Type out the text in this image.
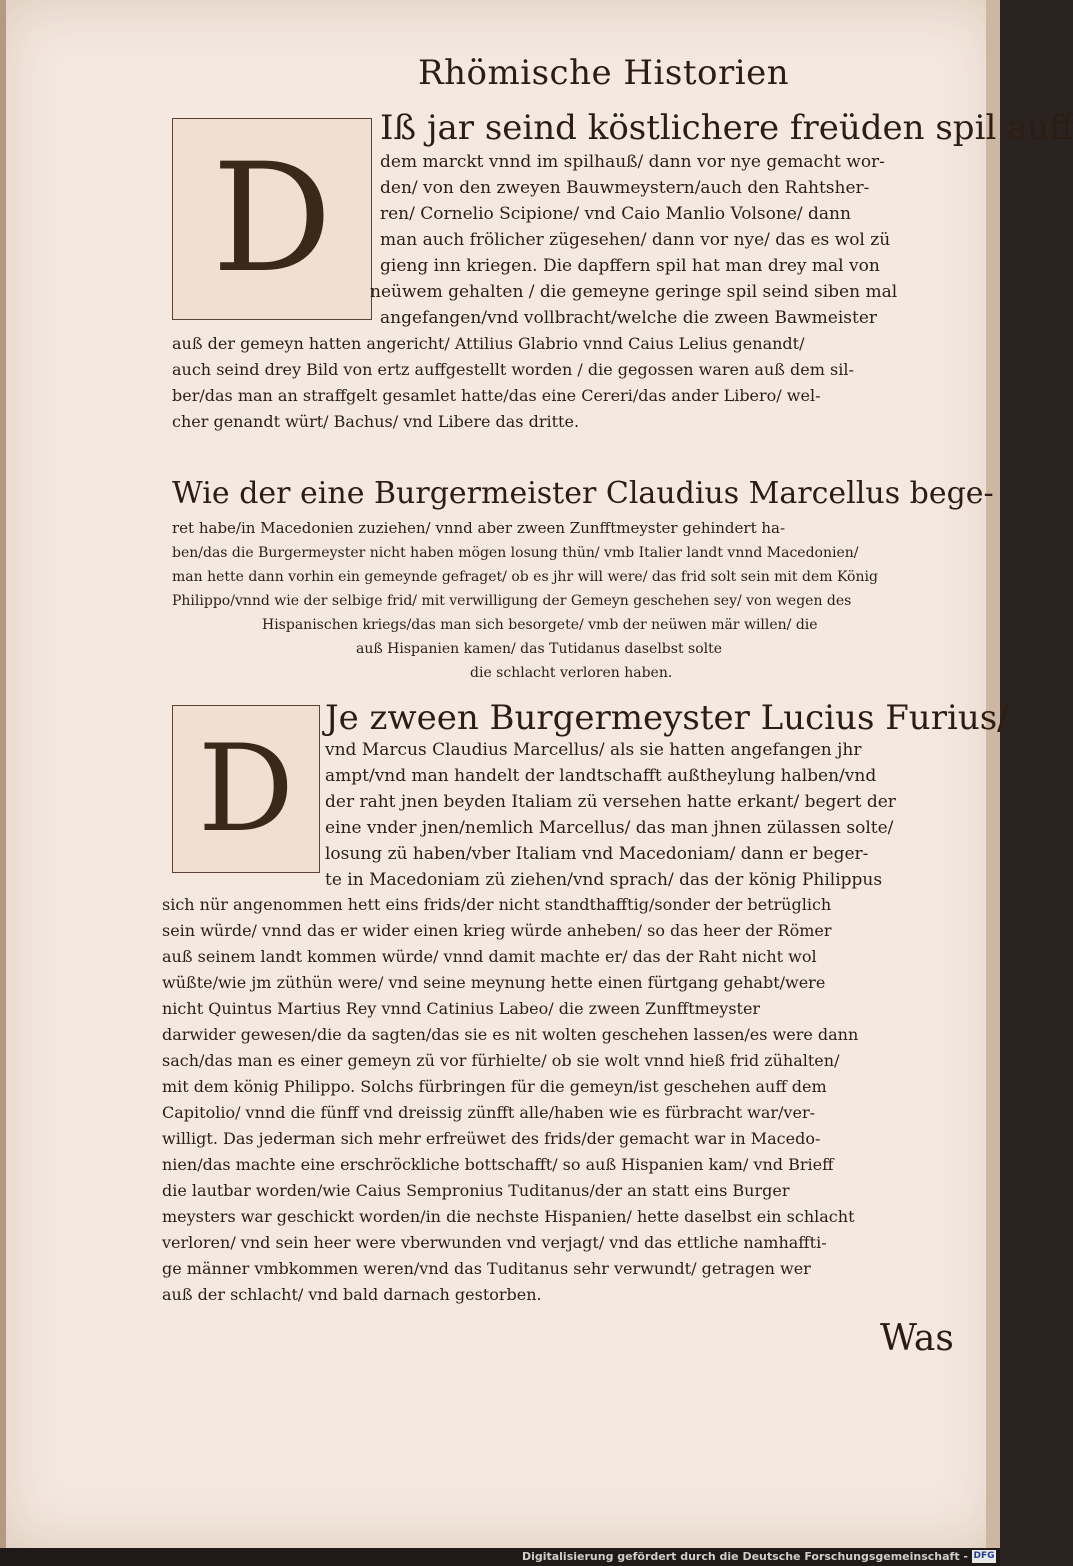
Rhömische Historien
D
Iß jar seind köstlichere freüden spil auff
dem marckt vnnd im spilhauß/ dann vor nye gemacht wor-
den/ von den zweyen Bauwmeystern/auch den Rahtsher-
ren/ Cornelio Scipione/ vnd Caio Manlio Volsone/ dann
man auch frölicher zügesehen/ dann vor nye/ das es wol zü
gieng inn kriegen. Die dapffern spil hat man drey mal von
neüwem gehalten / die gemeyne geringe spil seind siben mal
angefangen/vnd vollbracht/welche die zween Bawmeister
auß der gemeyn hatten angericht/ Attilius Glabrio vnnd Caius Lelius genandt/
auch seind drey Bild von ertz auffgestellt worden / die gegossen waren auß dem sil-
ber/das man an straffgelt gesamlet hatte/das eine Cereri/das ander Libero/ wel-
cher genandt würt/ Bachus/ vnd Libere das dritte.
Wie der eine Burgermeister Claudius Marcellus bege-
ret habe/in Macedonien zuziehen/ vnnd aber zween Zunfftmeyster gehindert ha-
ben/das die Burgermeyster nicht haben mögen losung thün/ vmb Italier landt vnnd Macedonien/
man hette dann vorhin ein gemeynde gefraget/ ob es jhr will were/ das frid solt sein mit dem König
Philippo/vnnd wie der selbige frid/ mit verwilligung der Gemeyn geschehen sey/ von wegen des
Hispanischen kriegs/das man sich besorgete/ vmb der neüwen mär willen/ die
auß Hispanien kamen/ das Tutidanus daselbst solte
die schlacht verloren haben.
D
Je zween Burgermeyster Lucius Furius/
vnd Marcus Claudius Marcellus/ als sie hatten angefangen jhr
ampt/vnd man handelt der landtschafft außtheylung halben/vnd
der raht jnen beyden Italiam zü versehen hatte erkant/ begert der
eine vnder jnen/nemlich Marcellus/ das man jhnen zülassen solte/
losung zü haben/vber Italiam vnd Macedoniam/ dann er beger-
te in Macedoniam zü ziehen/vnd sprach/ das der könig Philippus
sich nür angenommen hett eins frids/der nicht standthafftig/sonder der betrüglich
sein würde/ vnnd das er wider einen krieg würde anheben/ so das heer der Römer
auß seinem landt kommen würde/ vnnd damit machte er/ das der Raht nicht wol
wüßte/wie jm züthün were/ vnd seine meynung hette einen fürtgang gehabt/were
nicht Quintus Martius Rey vnnd Catinius Labeo/ die zween Zunfftmeyster
darwider gewesen/die da sagten/das sie es nit wolten geschehen lassen/es were dann
sach/das man es einer gemeyn zü vor fürhielte/ ob sie wolt vnnd hieß frid zühalten/
mit dem könig Philippo. Solchs fürbringen für die gemeyn/ist geschehen auff dem
Capitolio/ vnnd die fünff vnd dreissig zünfft alle/haben wie es fürbracht war/ver-
willigt. Das jederman sich mehr erfreüwet des frids/der gemacht war in Macedo-
nien/das machte eine erschröckliche bottschafft/ so auß Hispanien kam/ vnd Brieff
die lautbar worden/wie Caius Sempronius Tuditanus/der an statt eins Burger
meysters war geschickt worden/in die nechste Hispanien/ hette daselbst ein schlacht
verloren/ vnd sein heer were vberwunden vnd verjagt/ vnd das ettliche namhaffti-
ge männer vmbkommen weren/vnd das Tuditanus sehr verwundt/ getragen wer
auß der schlacht/ vnd bald darnach gestorben.
Was
Digitalisierung gefördert durch die Deutsche Forschungsgemeinschaft - DFG
